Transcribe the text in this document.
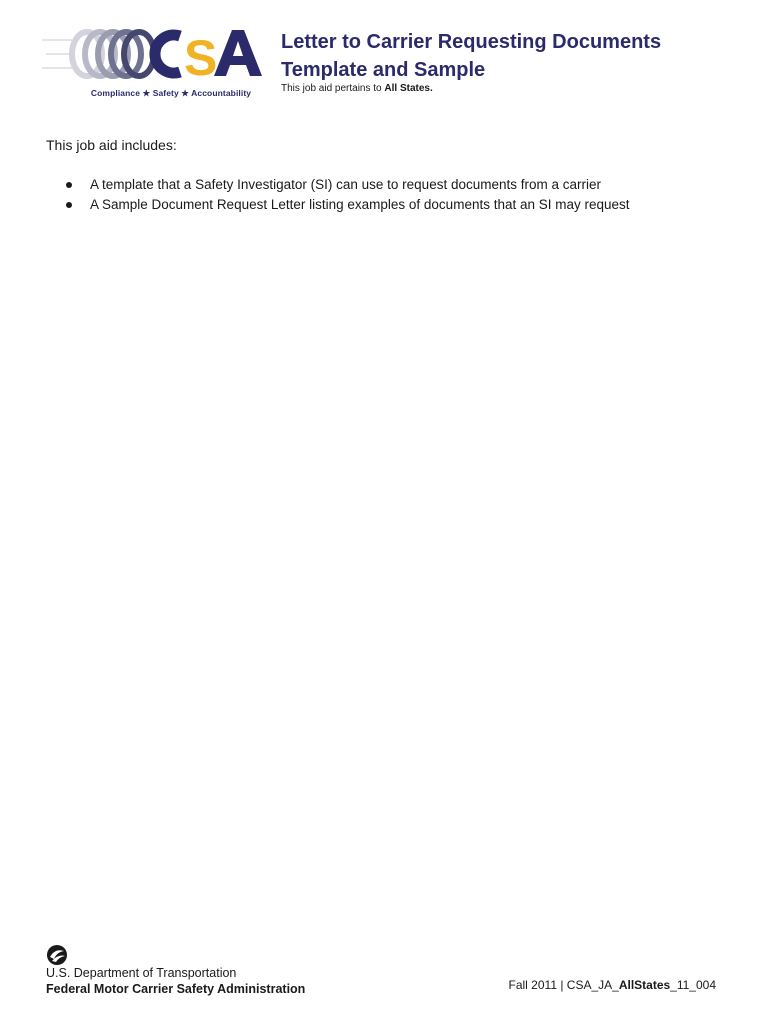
S
Compliance ★ Safety ★ Accountability
Letter to Carrier Requesting Documents
Template and Sample
This job aid pertains to All States.
This job aid includes:
A template that a Safety Investigator (SI) can use to request documents from a carrier
A Sample Document Request Letter listing examples of documents that an SI may request
U.S. Department of Transportation
Federal Motor Carrier Safety Administration	Fall 2011 | CSA_JA_AllStates_11_004
